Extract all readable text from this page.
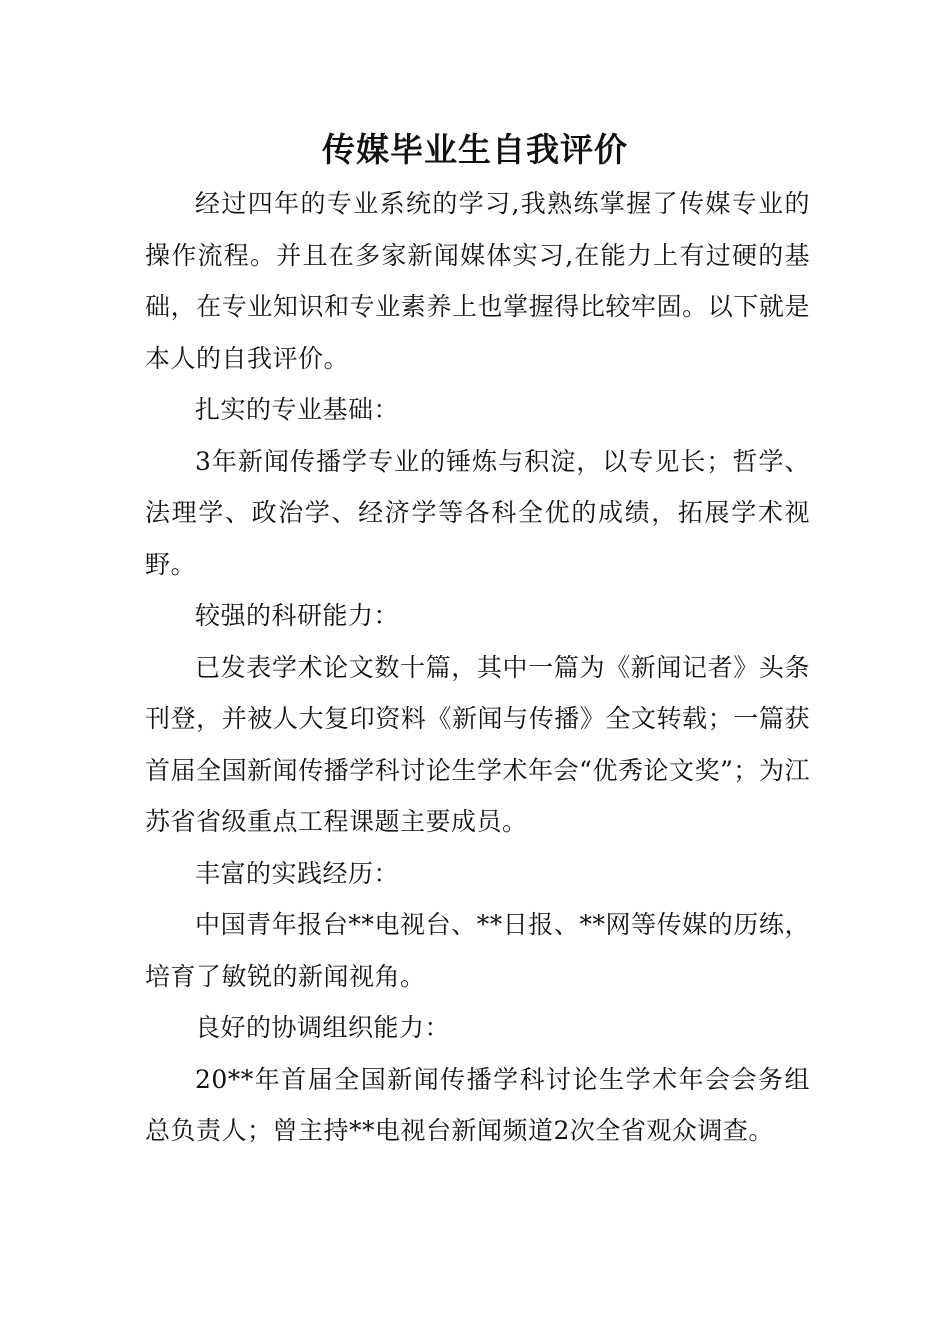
传媒毕业生自我评价

经过四年的专业系统的学习,我熟练掌握了传媒专业的操作流程。并且在多家新闻媒体实习,在能力上有过硬的基础，在专业知识和专业素养上也掌握得比较牢固。以下就是本人的自我评价。

扎实的专业基础：

3年新闻传播学专业的锤炼与积淀，以专见长；哲学、法理学、政治学、经济学等各科全优的成绩，拓展学术视野。

较强的科研能力：

已发表学术论文数十篇，其中一篇为《新闻记者》头条刊登，并被人大复印资料《新闻与传播》全文转载；一篇获首届全国新闻传播学科讨论生学术年会“优秀论文奖”；为江苏省省级重点工程课题主要成员。

丰富的实践经历：

中国青年报台**电视台、**日报、**网等传媒的历练，培育了敏锐的新闻视角。

良好的协调组织能力：

20**年首届全国新闻传播学科讨论生学术年会会务组总负责人；曾主持**电视台新闻频道2次全省观众调查。
